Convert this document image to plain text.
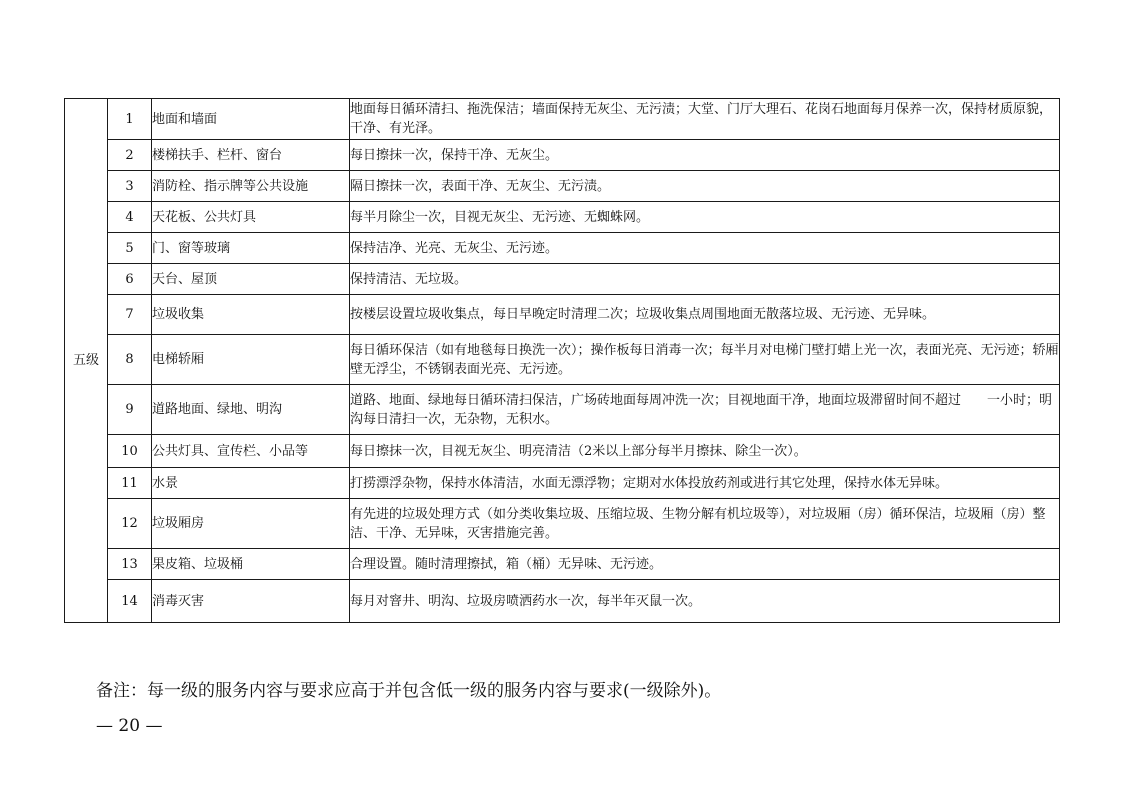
五级	1	地面和墙面	地面每日循环清扫、拖洗保洁；墙面保持无灰尘、无污渍；大堂、门厅大理石、花岗石地面每月保养一次，保持材质原貌，干净、有光泽。
	2	楼梯扶手、栏杆、窗台	每日擦抹一次，保持干净、无灰尘。
	3	消防栓、指示牌等公共设施	隔日擦抹一次，表面干净、无灰尘、无污渍。
	4	天花板、公共灯具	每半月除尘一次，目视无灰尘、无污迹、无蜘蛛网。
	5	门、窗等玻璃	保持洁净、光亮、无灰尘、无污迹。
	6	天台、屋顶	保持清洁、无垃圾。
	7	垃圾收集	按楼层设置垃圾收集点，每日早晚定时清理二次；垃圾收集点周围地面无散落垃圾、无污迹、无异味。
	8	电梯轿厢	每日循环保洁（如有地毯每日换洗一次）；操作板每日消毒一次；每半月对电梯门壁打蜡上光一次，表面光亮、无污迹；轿厢壁无浮尘，不锈钢表面光亮、无污迹。
	9	道路地面、绿地、明沟	道路、地面、绿地每日循环清扫保洁，广场砖地面每周冲洗一次；目视地面干净，地面垃圾滞留时间不超过　　一小时；明沟每日清扫一次，无杂物，无积水。
	10	公共灯具、宣传栏、小品等	每日擦抹一次，目视无灰尘、明亮清洁（2米以上部分每半月擦抹、除尘一次）。
	11	水景	打捞漂浮杂物，保持水体清洁，水面无漂浮物；定期对水体投放药剂或进行其它处理，保持水体无异味。
	12	垃圾厢房	有先进的垃圾处理方式（如分类收集垃圾、压缩垃圾、生物分解有机垃圾等），对垃圾厢（房）循环保洁，垃圾厢（房）整洁、干净、无异味，灭害措施完善。
	13	果皮箱、垃圾桶	合理设置。随时清理擦拭，箱（桶）无异味、无污迹。
	14	消毒灭害	每月对窨井、明沟、垃圾房喷洒药水一次，每半年灭鼠一次。
备注：每一级的服务内容与要求应高于并包含低一级的服务内容与要求(一级除外)。
— 20 —
